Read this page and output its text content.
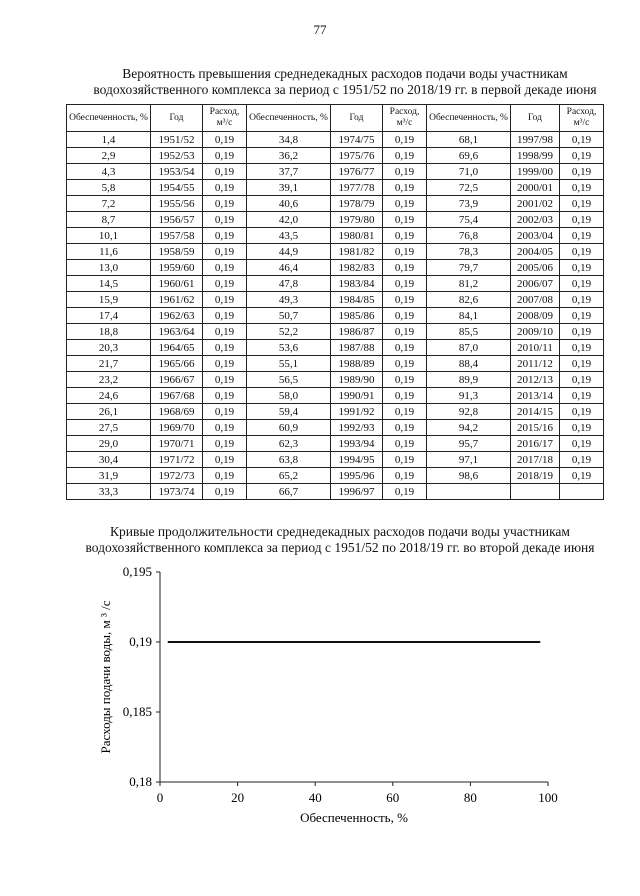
77
Вероятность превышения среднедекадных расходов подачи воды участникам
водохозяйственного комплекса за период с 1951/52 по 2018/19 гг. в первой декаде июня
Обеспеченность, %	Год	Расход, м³/с	Обеспеченность, %	Год	Расход, м³/с	Обеспеченность, %	Год	Расход, м³/с
1,4	1951/52	0,19	34,8	1974/75	0,19	68,1	1997/98	0,19
2,9	1952/53	0,19	36,2	1975/76	0,19	69,6	1998/99	0,19
4,3	1953/54	0,19	37,7	1976/77	0,19	71,0	1999/00	0,19
5,8	1954/55	0,19	39,1	1977/78	0,19	72,5	2000/01	0,19
7,2	1955/56	0,19	40,6	1978/79	0,19	73,9	2001/02	0,19
8,7	1956/57	0,19	42,0	1979/80	0,19	75,4	2002/03	0,19
10,1	1957/58	0,19	43,5	1980/81	0,19	76,8	2003/04	0,19
11,6	1958/59	0,19	44,9	1981/82	0,19	78,3	2004/05	0,19
13,0	1959/60	0,19	46,4	1982/83	0,19	79,7	2005/06	0,19
14,5	1960/61	0,19	47,8	1983/84	0,19	81,2	2006/07	0,19
15,9	1961/62	0,19	49,3	1984/85	0,19	82,6	2007/08	0,19
17,4	1962/63	0,19	50,7	1985/86	0,19	84,1	2008/09	0,19
18,8	1963/64	0,19	52,2	1986/87	0,19	85,5	2009/10	0,19
20,3	1964/65	0,19	53,6	1987/88	0,19	87,0	2010/11	0,19
21,7	1965/66	0,19	55,1	1988/89	0,19	88,4	2011/12	0,19
23,2	1966/67	0,19	56,5	1989/90	0,19	89,9	2012/13	0,19
24,6	1967/68	0,19	58,0	1990/91	0,19	91,3	2013/14	0,19
26,1	1968/69	0,19	59,4	1991/92	0,19	92,8	2014/15	0,19
27,5	1969/70	0,19	60,9	1992/93	0,19	94,2	2015/16	0,19
29,0	1970/71	0,19	62,3	1993/94	0,19	95,7	2016/17	0,19
30,4	1971/72	0,19	63,8	1994/95	0,19	97,1	2017/18	0,19
31,9	1972/73	0,19	65,2	1995/96	0,19	98,6	2018/19	0,19
33,3	1973/74	0,19	66,7	1996/97	0,19			
Кривые продолжительности среднедекадных расходов подачи воды участникам
водохозяйственного комплекса за период с 1951/52 по 2018/19 гг. во второй декаде июня
0,18
0,185
0,19
0,195
0	20	40	60	80	100
Расходы подачи воды, м ³ /с
Обеспеченность, %
